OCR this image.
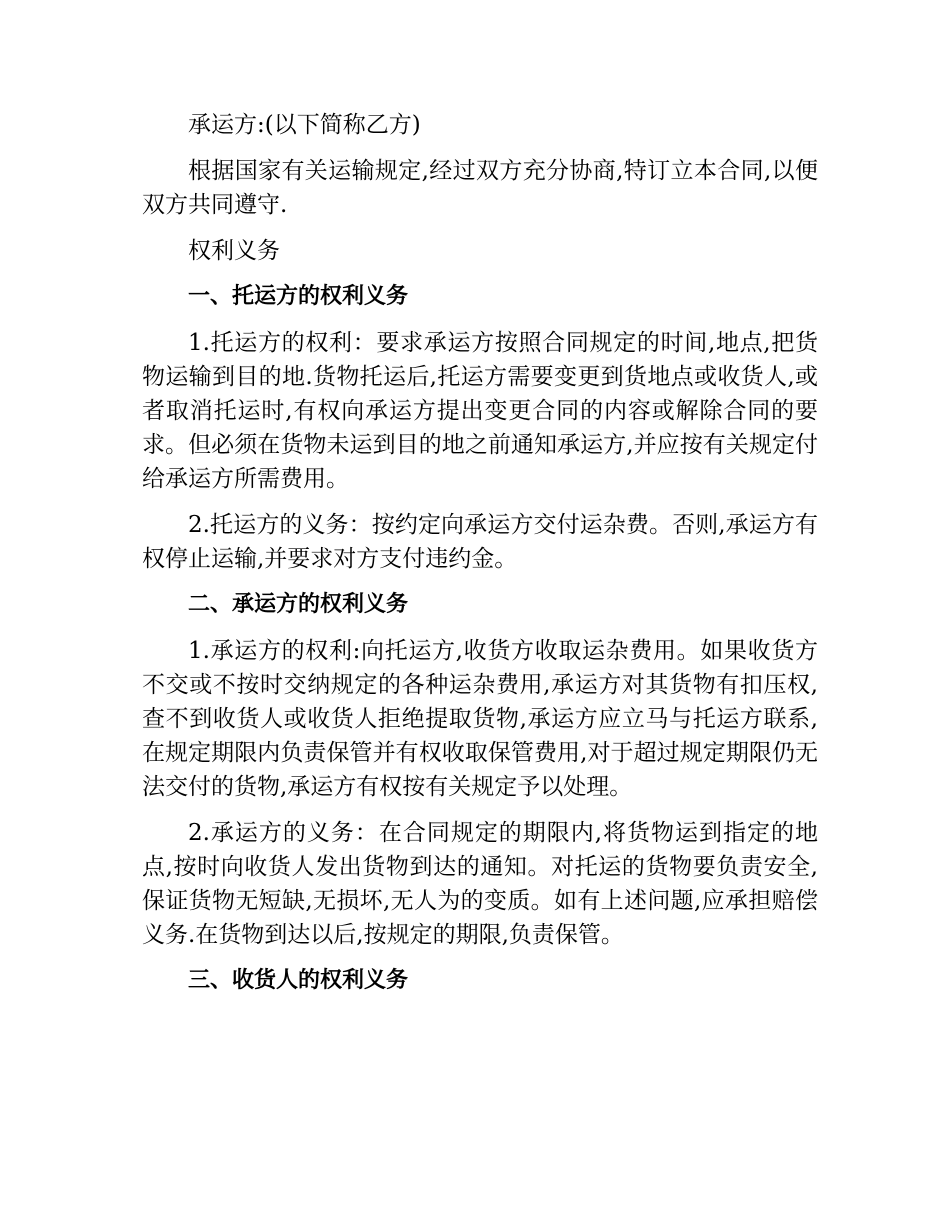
承运方:(以下简称乙方)

根据国家有关运输规定,经过双方充分协商,特订立本合同,以便双方共同遵守.

权利义务

一、托运方的权利义务

1.托运方的权利：要求承运方按照合同规定的时间,地点,把货物运输到目的地.货物托运后,托运方需要变更到货地点或收货人,或者取消托运时,有权向承运方提出变更合同的内容或解除合同的要求。但必须在货物未运到目的地之前通知承运方,并应按有关规定付给承运方所需费用。

2.托运方的义务：按约定向承运方交付运杂费。否则,承运方有权停止运输,并要求对方支付违约金。

二、承运方的权利义务

1.承运方的权利:向托运方,收货方收取运杂费用。如果收货方不交或不按时交纳规定的各种运杂费用,承运方对其货物有扣压权,查不到收货人或收货人拒绝提取货物,承运方应立马与托运方联系,在规定期限内负责保管并有权收取保管费用,对于超过规定期限仍无法交付的货物,承运方有权按有关规定予以处理。

2.承运方的义务：在合同规定的期限内,将货物运到指定的地点,按时向收货人发出货物到达的通知。对托运的货物要负责安全,保证货物无短缺,无损坏,无人为的变质。如有上述问题,应承担赔偿义务.在货物到达以后,按规定的期限,负责保管。

三、收货人的权利义务
